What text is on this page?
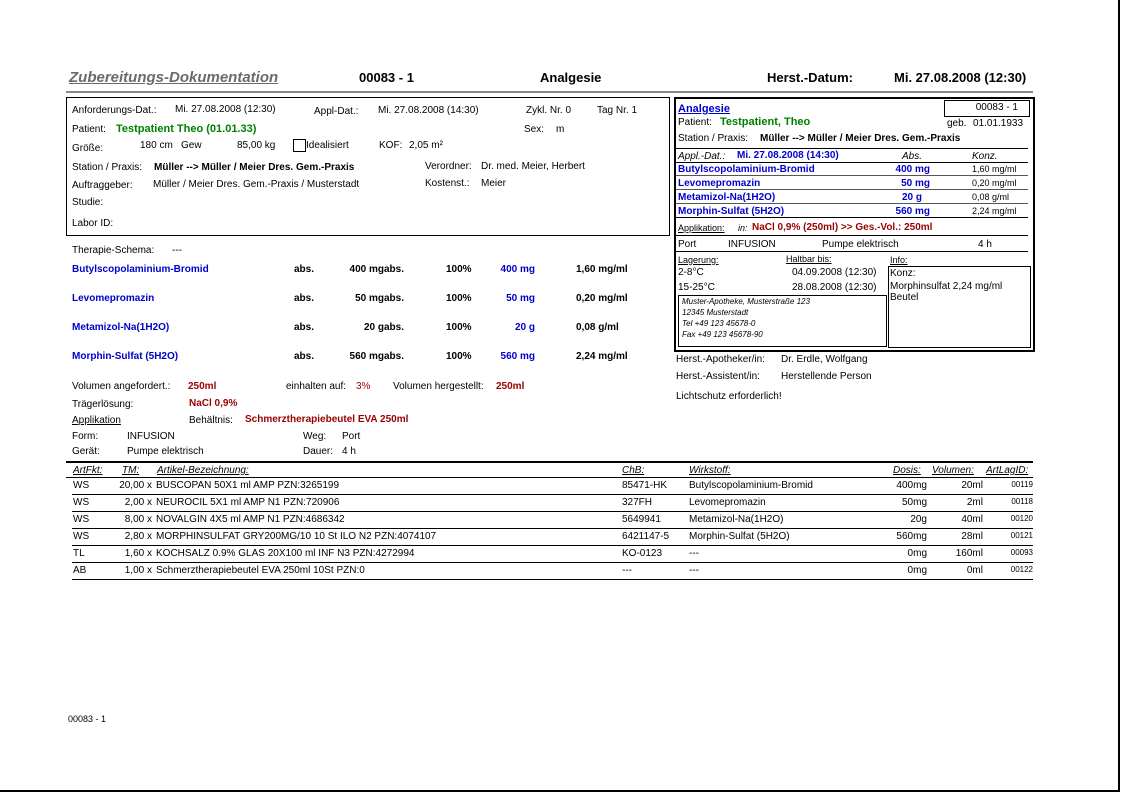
Zubereitungs-Dokumentation	00083 - 1	Analgesie	Herst.-Datum:	Mi. 27.08.2008 (12:30)
Anforderungs-Dat.: Mi. 27.08.2008 (12:30)	Appl-Dat.: Mi. 27.08.2008 (14:30)	Zykl. Nr. 0	Tag Nr. 1
Patient: Testpatient Theo (01.01.33)	Sex: m
Größe:	180 cm Gew	85,00 kg	Idealisiert	KOF: 2,05 m²
Station / Praxis: Müller --> Müller / Meier Dres. Gem.-Praxis	Verordner: Dr. med. Meier, Herbert
Auftraggeber: Müller / Meier Dres. Gem.-Praxis / Musterstadt	Kostenst.: Meier
Studie:
Labor ID:
Therapie-Schema: ---
Butylscopolaminium-Bromid	abs.	400 mgabs.	100%	400 mg	1,60 mg/ml
Levomepromazin	abs.	50 mgabs.	100%	50 mg	0,20 mg/ml
Metamizol-Na(1H2O)	abs.	20 gabs.	100%	20 g	0,08 g/ml
Morphin-Sulfat (5H2O)	abs.	560 mgabs.	100%	560 mg	2,24 mg/ml
Volumen angefordert.: 250ml	einhalten auf: 3% Volumen hergestellt: 250ml
Trägerlösung:	NaCl 0,9%
Applikation	Behältnis: Schmerztherapiebeutel EVA 250ml
Form:	INFUSION	Weg: Port
Gerät:	Pumpe elektrisch	Dauer: 4 h
Analgesie	00083 - 1
Patient: Testpatient, Theo	geb. 01.01.1933
Station / Praxis: Müller --> Müller / Meier Dres. Gem.-Praxis
Appl.-Dat.: Mi. 27.08.2008 (14:30)	Abs.	Konz.
Butylscopolaminium-Bromid	400 mg	1,60 mg/ml
Levomepromazin	50 mg	0,20 mg/ml
Metamizol-Na(1H2O)	20 g	0,08 g/ml
Morphin-Sulfat (5H2O)	560 mg	2,24 mg/ml
Applikation: in: NaCl 0,9% (250ml) >> Ges.-Vol.: 250ml
Port	INFUSION	Pumpe elektrisch	4 h
Lagerung:	Haltbar bis:	Info:
2-8°C	04.09.2008 (12:30)
15-25°C	28.08.2008 (12:30)
Konz:
Morphinsulfat 2,24 mg/ml
Beutel
Muster-Apotheke, Musterstraße 123
12345 Musterstadt
Tel +49 123 45678-0
Fax +49 123 45678-90
Herst.-Apotheker/in: Dr. Erdle, Wolfgang
Herst.-Assistent/in: Herstellende Person
Lichtschutz erforderlich!
ArtFkt: TM: Artikel-Bezeichnung:	ChB:	Wirkstoff:	Dosis: Volumen: ArtLagID:
WS	20,00 x BUSCOPAN 50X1 ml AMP PZN:3265199	85471-HK Butylscopolaminium-Bromid	400mg	20ml	00119
WS	2,00 x NEUROCIL 5X1 ml AMP N1 PZN:720906	327FH	Levomepromazin	50mg	2ml	00118
WS	8,00 x NOVALGIN 4X5 ml AMP N1 PZN:4686342	5649941	Metamizol-Na(1H2O)	20g	40ml	00120
WS	2,80 x MORPHINSULFAT GRY200MG/10 10 St ILO N2 PZN:4074107	6421147-5 Morphin-Sulfat (5H2O)	560mg	28ml	00121
TL	1,60 x KOCHSALZ 0.9% GLAS 20X100 ml INF N3 PZN:4272994	KO-0123	---	0mg	160ml	00093
AB	1,00 x Schmerztherapiebeutel EVA 250ml 10St PZN:0	---	---	0mg	0ml	00122
00083 - 1
